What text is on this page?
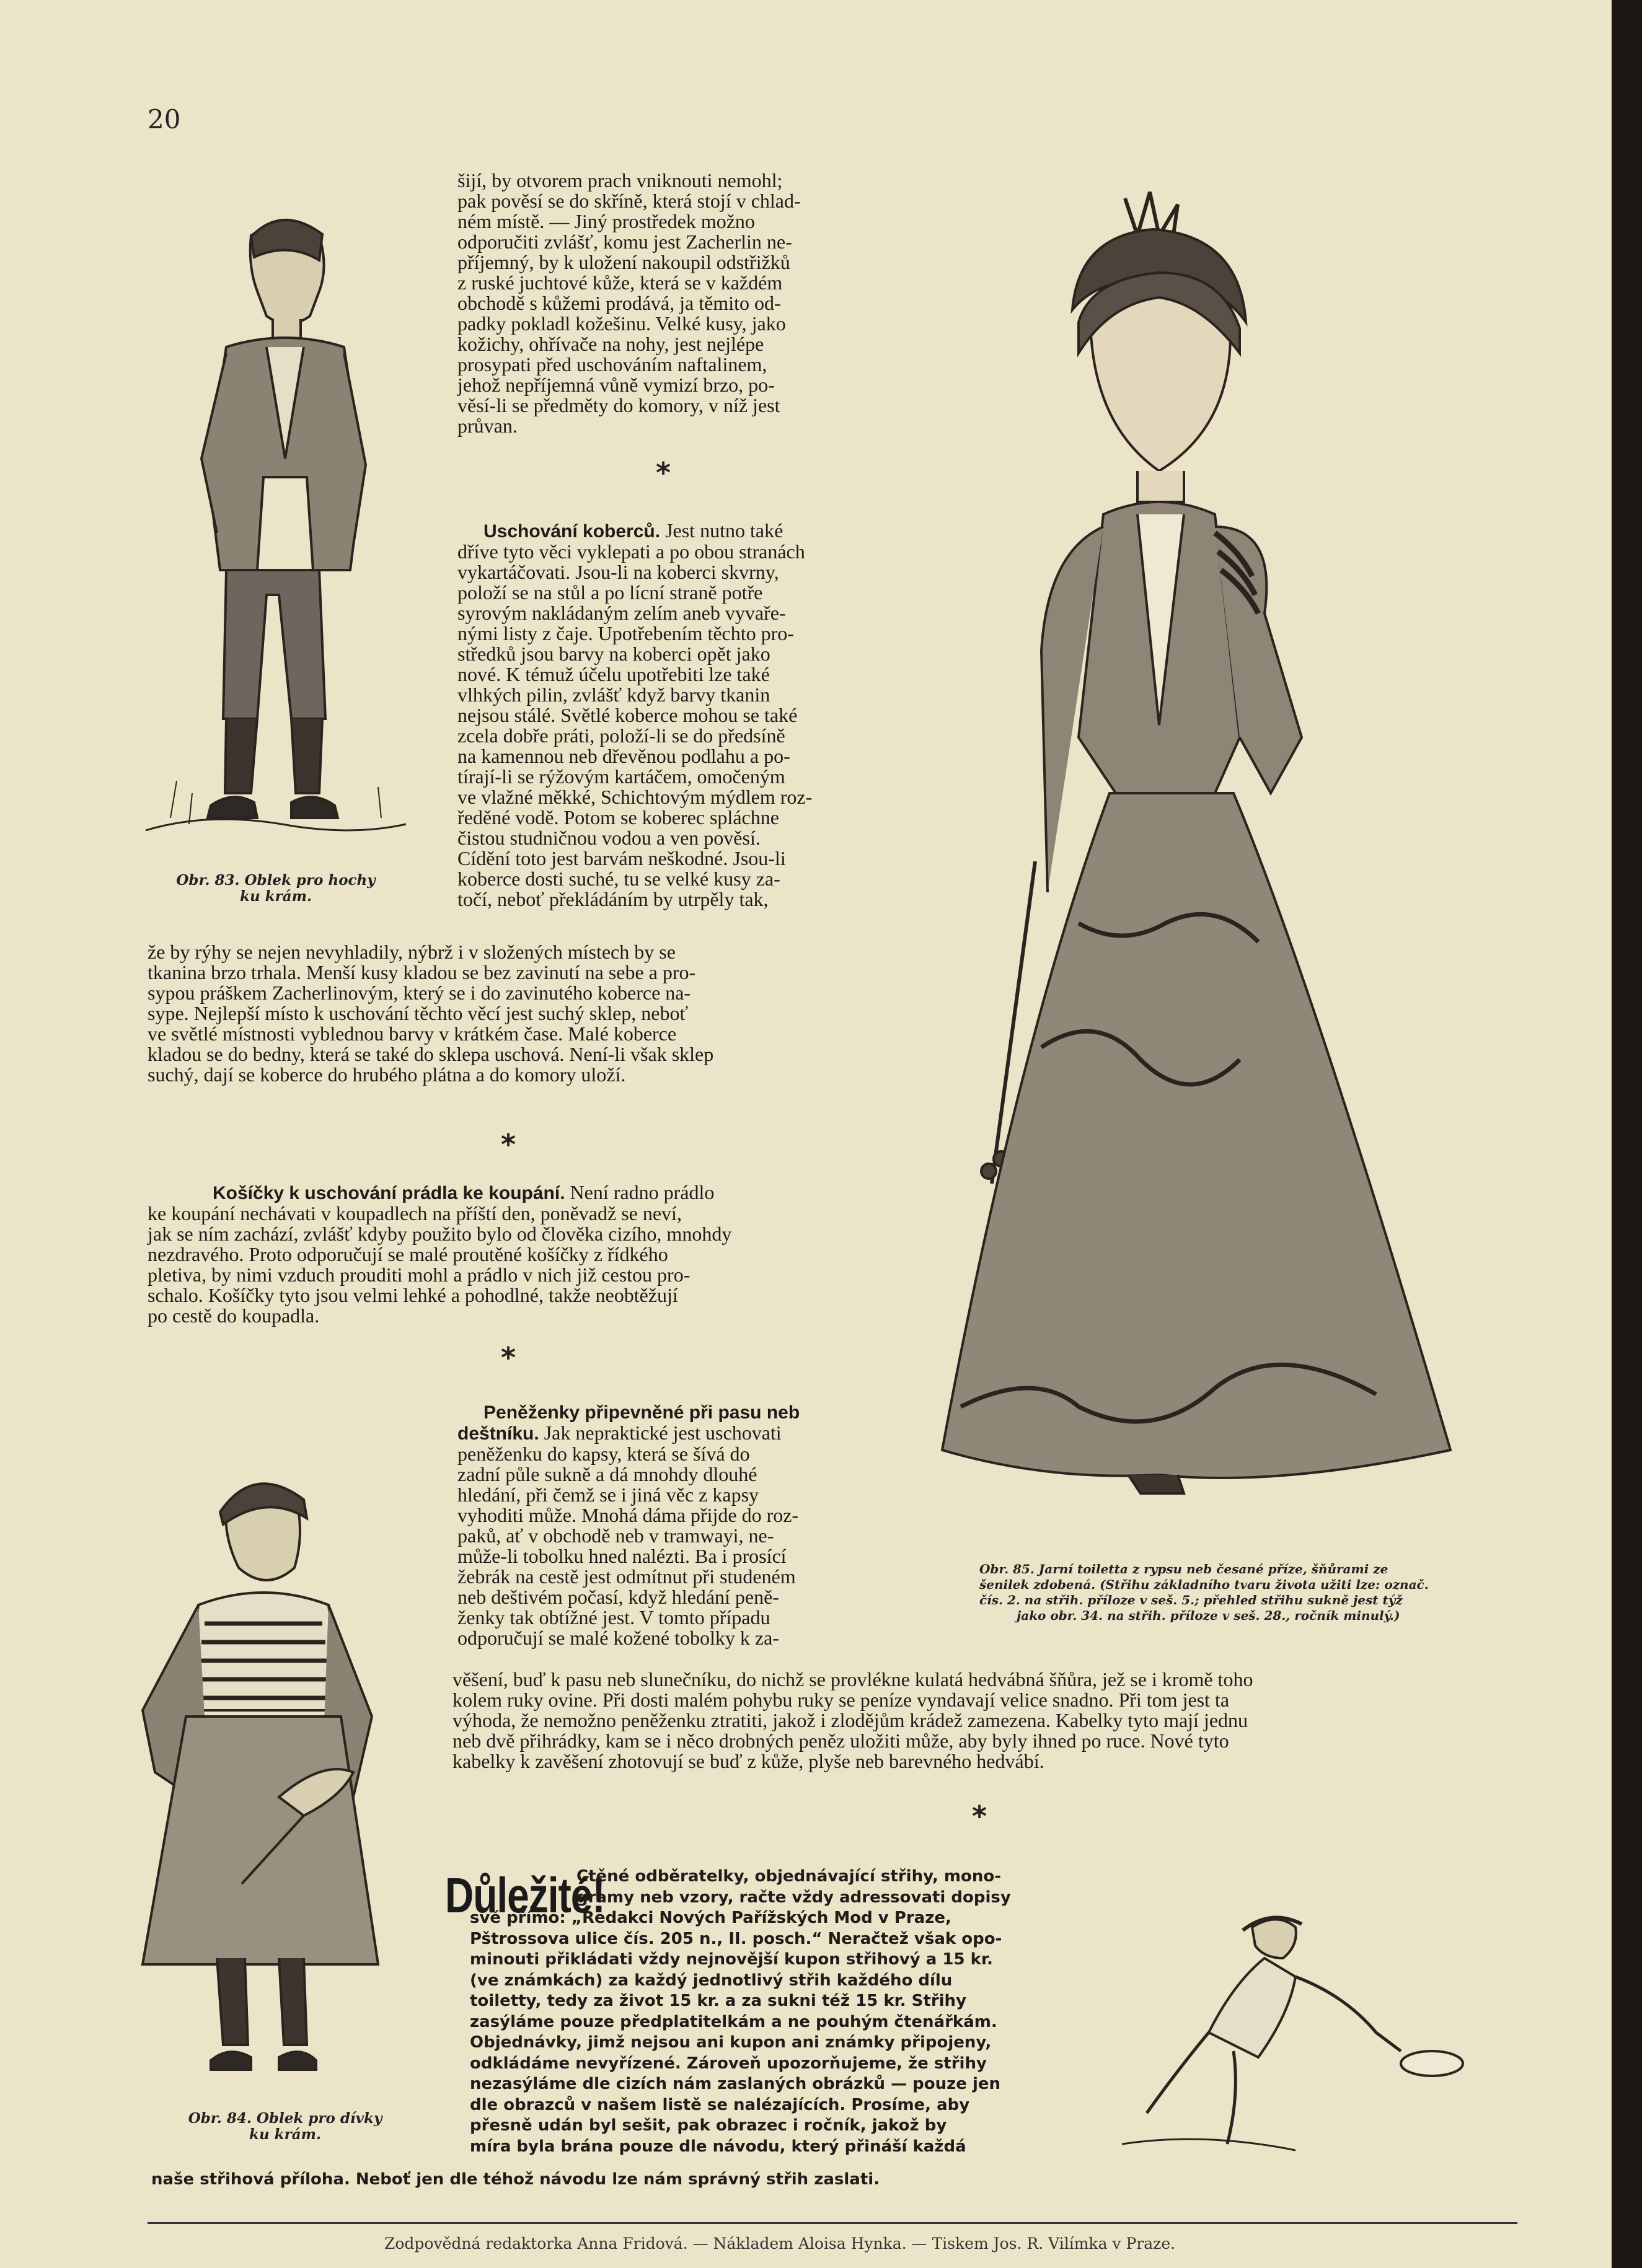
20
šijí, by otvorem prach vniknouti nemohl;
pak pověsí se do skříně, která stojí v chlad-
ném místě. — Jiný prostředek možno
odporučiti zvlášť, komu jest Zacherlin ne-
příjemný, by k uložení nakoupil odstřižků
z ruské juchtové kůže, která se v každém
obchodě s kůžemi prodává, ja těmito od-
padky pokladl kožešinu. Velké kusy, jako
kožichy, ohřívače na nohy, jest nejlépe
prosypati před uschováním naftalinem,
jehož nepříjemná vůně vymizí brzo, po-
věsí-li se předměty do komory, v níž jest
průvan.
*
Uschování koberců. Jest nutno také
dříve tyto věci vyklepati a po obou stranách
vykartáčovati. Jsou-li na koberci skvrny,
položí se na stůl a po lícní straně potře
syrovým nakládaným zelím aneb vyvaře-
nými listy z čaje. Upotřebením těchto pro-
středků jsou barvy na koberci opět jako
nové. K témuž účelu upotřebiti lze také
vlhkých pilin, zvlášť když barvy tkanin
nejsou stálé. Světlé koberce mohou se také
zcela dobře práti, položí-li se do předsíně
na kamennou neb dřevěnou podlahu a po-
tírají-li se rýžovým kartáčem, omočeným
ve vlažné měkké, Schichtovým mýdlem roz-
ředěné vodě. Potom se koberec spláchne
čistou studničnou vodou a ven pověsí.
Cídění toto jest barvám neškodné. Jsou-li
koberce dosti suché, tu se velké kusy za-
točí, neboť překládáním by utrpěly tak,
že by rýhy se nejen nevyhladily, nýbrž i v složených místech by se
tkanina brzo trhala. Menší kusy kladou se bez zavinutí na sebe a pro-
sypou práškem Zacherlinovým, který se i do zavinutého koberce na-
sype. Nejlepší místo k uschování těchto věcí jest suchý sklep, neboť
ve světlé místnosti vyblednou barvy v krátkém čase. Malé koberce
kladou se do bedny, která se také do sklepa uschová. Není-li však sklep
suchý, dají se koberce do hrubého plátna a do komory uloží.
*
Košíčky k uschování prádla ke koupání. Není radno prádlo
ke koupání nechávati v koupadlech na příští den, poněvadž se neví,
jak se ním zachází, zvlášť kdyby použito bylo od člověka cizího, mnohdy
nezdravého. Proto odporučují se malé proutěné košíčky z řídkého
pletiva, by nimi vzduch prouditi mohl a prádlo v nich již cestou pro-
schalo. Košíčky tyto jsou velmi lehké a pohodlné, takže neobtěžují
po cestě do koupadla.
*
Peněženky připevněné při pasu neb
deštníku. Jak nepraktické jest uschovati
peněženku do kapsy, která se šívá do
zadní půle sukně a dá mnohdy dlouhé
hledání, při čemž se i jiná věc z kapsy
vyhoditi může. Mnohá dáma přijde do roz-
paků, ať v obchodě neb v tramwayi, ne-
může-li tobolku hned nalézti. Ba i prosící
žebrák na cestě jest odmítnut při studeném
neb deštivém počasí, když hledání peně-
ženky tak obtížné jest. V tomto případu
odporučují se malé kožené tobolky k za-
věšení, buď k pasu neb slunečníku, do nichž se provlékne kulatá hedvábná šňůra, jež se i kromě toho
kolem ruky ovine. Při dosti malém pohybu ruky se peníze vyndavají velice snadno. Při tom jest ta
výhoda, že nemožno peněženku ztratiti, jakož i zlodějům krádež zamezena. Kabelky tyto mají jednu
neb dvě přihrádky, kam se i něco drobných peněz uložiti může, aby byly ihned po ruce. Nové tyto
kabelky k zavěšení zhotovují se buď z kůže, plyše neb barevného hedvábí.
*
Obr. 83. Oblek pro hochy
ku krám.
Obr. 84. Oblek pro dívky
ku krám.
Obr. 85. Jarní toiletta z rypsu neb česané příze, šňůrami ze
šenilek zdobená. (Střihu základního tvaru života užiti lze: označ.
čís. 2. na střih. příloze v seš. 5.; přehled střihu sukně jest týž
jako obr. 34. na střih. příloze v seš. 28., ročník minulý.)
Důležité!
Ctěné odběratelky, objednávající střihy, mono-
gramy neb vzory, račte vždy adressovati dopisy
své přímo: „Redakci Nových Pařížských Mod v Praze,
Pštrossova ulice čís. 205 n., II. posch.“ Neračtež však opo-
minouti přikládati vždy nejnovější kupon střihový a 15 kr.
(ve známkách) za každý jednotlivý střih každého dílu
toiletty, tedy za život 15 kr. a za sukni též 15 kr. Střihy
zasýláme pouze předplatitelkám a ne pouhým čtenářkám.
Objednávky, jimž nejsou ani kupon ani známky připojeny,
odkládáme nevyřízené. Zároveň upozorňujeme, že střihy
nezasýláme dle cizích nám zaslaných obrázků — pouze jen
dle obrazců v našem listě se nalézajících. Prosíme, aby
přesně udán byl sešit, pak obrazec i ročník, jakož by
míra byla brána pouze dle návodu, který přináší každá
naše střihová příloha. Neboť jen dle téhož návodu lze nám správný střih zaslati.
Zodpovědná redaktorka Anna Fridová. — Nákladem Aloisa Hynka. — Tiskem Jos. R. Vilímka v Praze.
